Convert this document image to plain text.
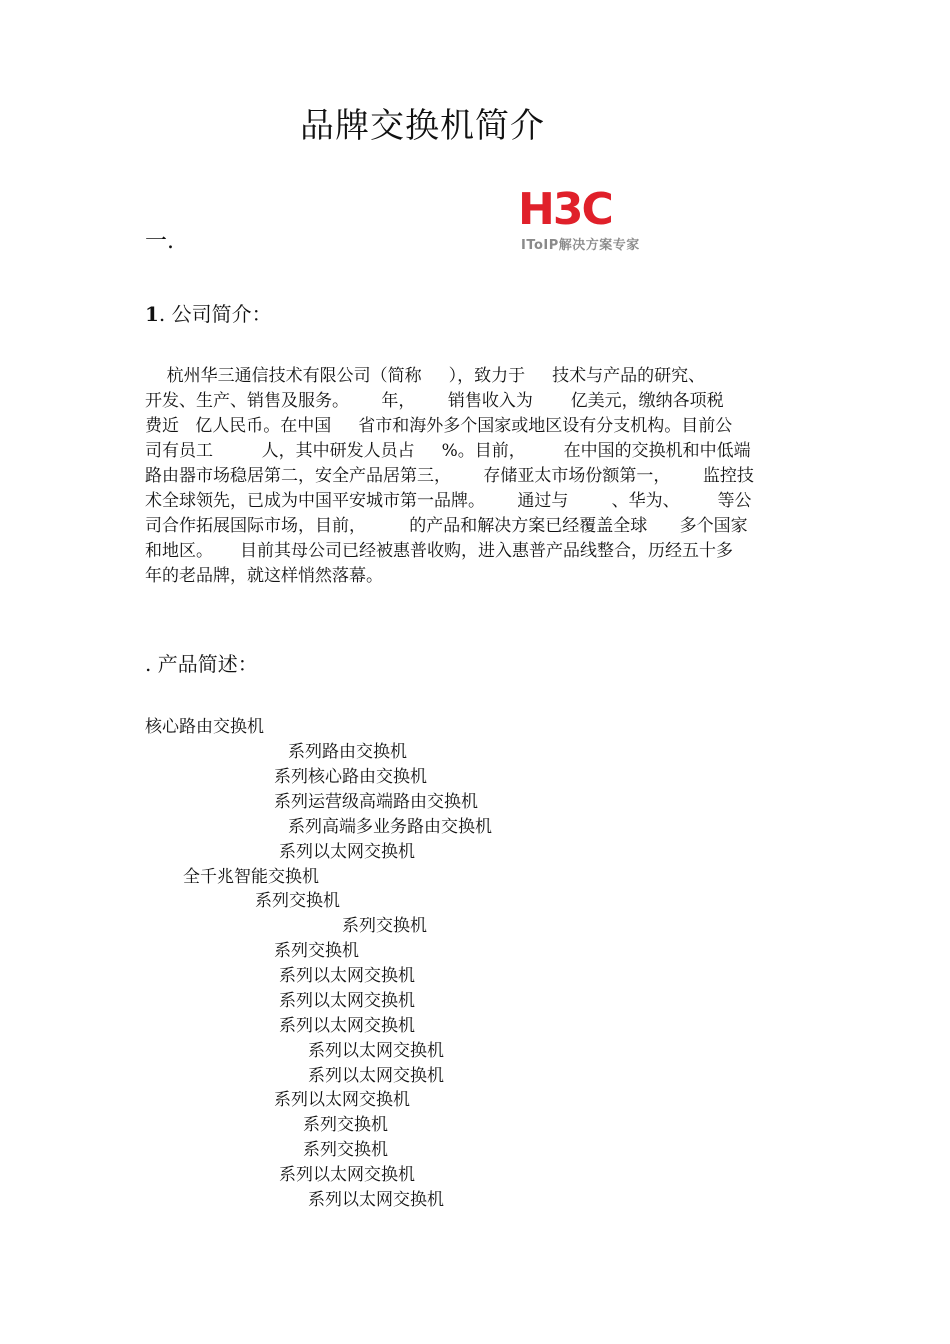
品牌交换机简介
H3C
IToIP解决方案专家
一.
1. 公司简介：
杭州华三通信技术有限公司（简称     ），致力于     技术与产品的研究、
开发、生产、销售及服务。      年，      销售收入为       亿美元，缴纳各项税
费近   亿人民币。在中国     省市和海外多个国家或地区设有分支机构。目前公
司有员工         人，其中研发人员占     %。目前，       在中国的交换机和中低端
路由器市场稳居第二，安全产品居第三，      存储亚太市场份额第一，      监控技
术全球领先，已成为中国平安城市第一品牌。      通过与        、华为、       等公
司合作拓展国际市场，目前，        的产品和解决方案已经覆盖全球      多个国家
和地区。     目前其母公司已经被惠普收购，进入惠普产品线整合，历经五十多
年的老品牌，就这样悄然落幕。
. 产品简述：
核心路由交换机
系列路由交换机
系列核心路由交换机
系列运营级高端路由交换机
系列高端多业务路由交换机
系列以太网交换机
全千兆智能交换机
系列交换机
系列交换机
系列交换机
系列以太网交换机
系列以太网交换机
系列以太网交换机
系列以太网交换机
系列以太网交换机
系列以太网交换机
系列交换机
系列交换机
系列以太网交换机
系列以太网交换机
